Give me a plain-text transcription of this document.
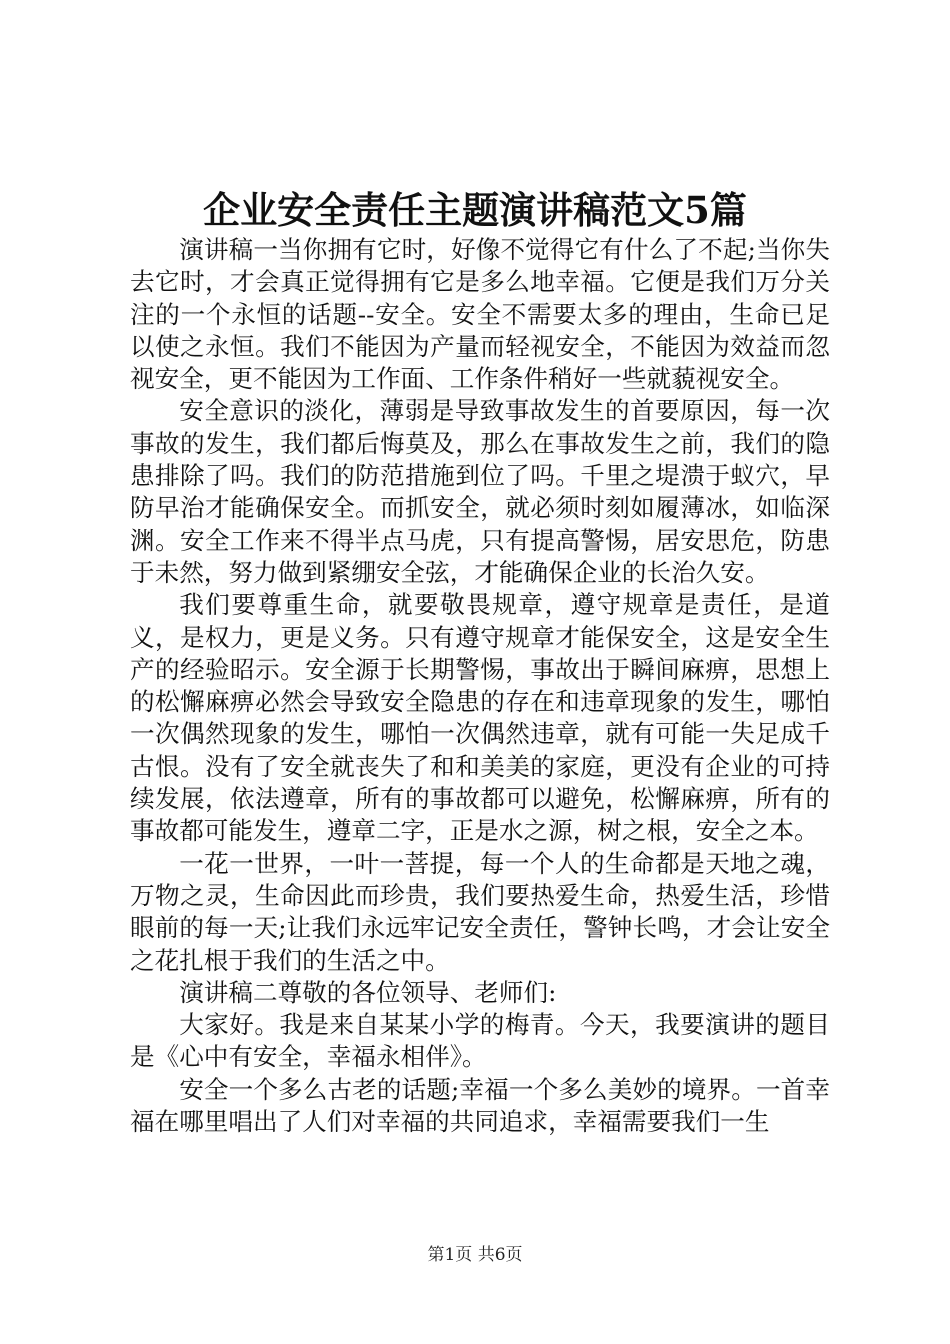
企业安全责任主题演讲稿范文5篇

演讲稿一当你拥有它时，好像不觉得它有什么了不起;当你失去它时，才会真正觉得拥有它是多么地幸福。它便是我们万分关注的一个永恒的话题--安全。安全不需要太多的理由，生命已足以使之永恒。我们不能因为产量而轻视安全，不能因为效益而忽视安全，更不能因为工作面、工作条件稍好一些就藐视安全。

安全意识的淡化，薄弱是导致事故发生的首要原因，每一次事故的发生，我们都后悔莫及，那么在事故发生之前，我们的隐患排除了吗。我们的防范措施到位了吗。千里之堤溃于蚁穴，早防早治才能确保安全。而抓安全，就必须时刻如履薄冰，如临深渊。安全工作来不得半点马虎，只有提高警惕，居安思危，防患于未然，努力做到紧绷安全弦，才能确保企业的长治久安。

我们要尊重生命，就要敬畏规章，遵守规章是责任，是道义，是权力，更是义务。只有遵守规章才能保安全，这是安全生产的经验昭示。安全源于长期警惕，事故出于瞬间麻痹，思想上的松懈麻痹必然会导致安全隐患的存在和违章现象的发生，哪怕一次偶然现象的发生，哪怕一次偶然违章，就有可能一失足成千古恨。没有了安全就丧失了和和美美的家庭，更没有企业的可持续发展，依法遵章，所有的事故都可以避免，松懈麻痹，所有的事故都可能发生，遵章二字，正是水之源，树之根，安全之本。

一花一世界，一叶一菩提，每一个人的生命都是天地之魂，万物之灵，生命因此而珍贵，我们要热爱生命，热爱生活，珍惜眼前的每一天;让我们永远牢记安全责任，警钟长鸣，才会让安全之花扎根于我们的生活之中。

演讲稿二尊敬的各位领导、老师们:

大家好。我是来自某某小学的梅青。今天，我要演讲的题目是《心中有安全，幸福永相伴》。

安全一个多么古老的话题;幸福一个多么美妙的境界。一首幸福在哪里唱出了人们对幸福的共同追求，幸福需要我们一生

第1页 共6页
